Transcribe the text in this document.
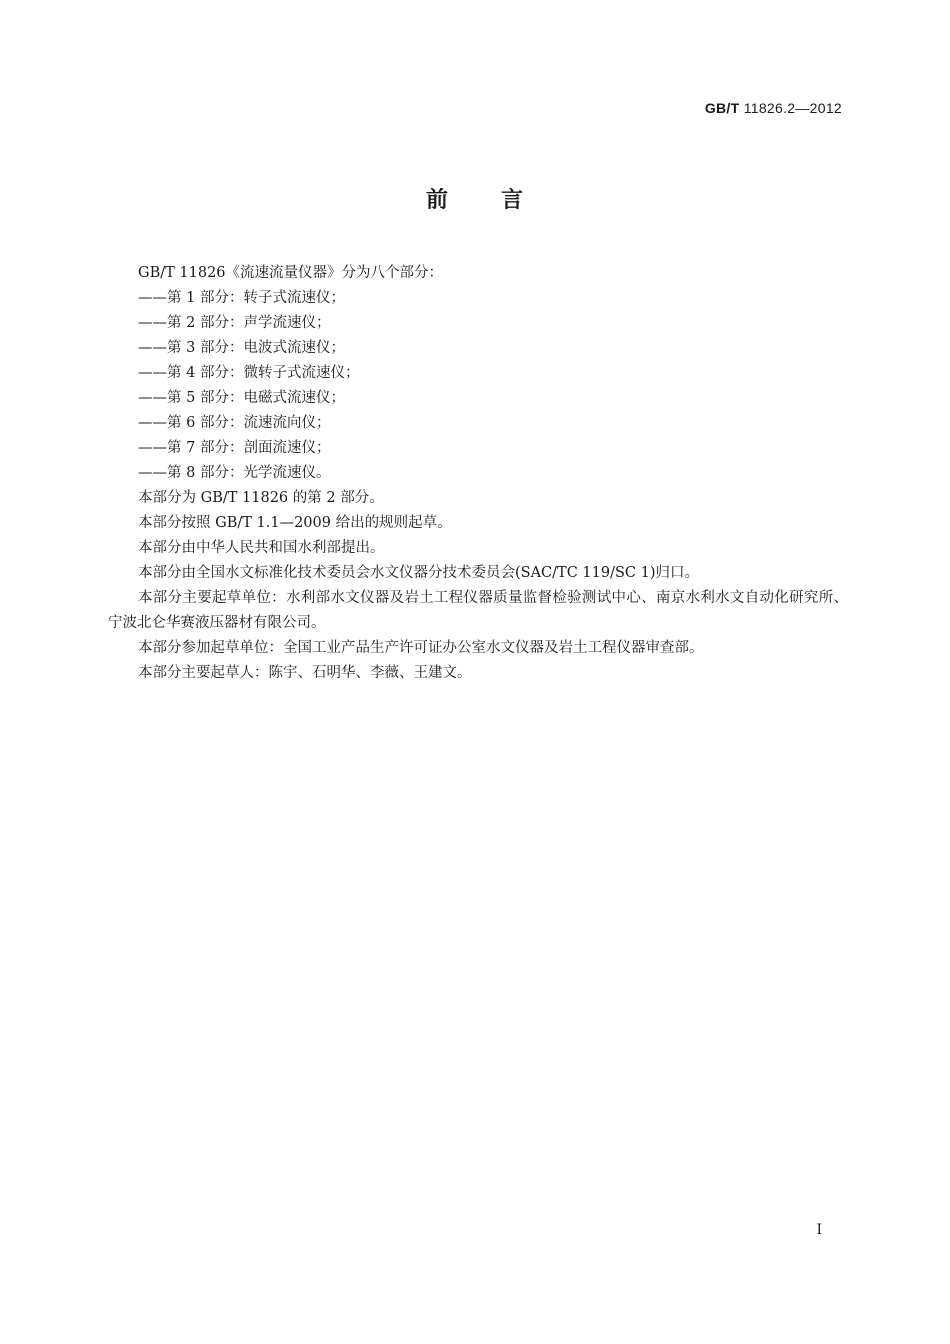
GB/T 11826.2—2012
前 言

GB/T 11826《流速流量仪器》分为八个部分：

——第 1 部分：转子式流速仪；

——第 2 部分：声学流速仪；

——第 3 部分：电波式流速仪；

——第 4 部分：微转子式流速仪；

——第 5 部分：电磁式流速仪；

——第 6 部分：流速流向仪；

——第 7 部分：剖面流速仪；

——第 8 部分：光学流速仪。

本部分为 GB/T 11826 的第 2 部分。

本部分按照 GB/T 1.1—2009 给出的规则起草。

本部分由中华人民共和国水利部提出。

本部分由全国水文标准化技术委员会水文仪器分技术委员会(SAC/TC 119/SC 1)归口。

本部分主要起草单位：水利部水文仪器及岩土工程仪器质量监督检验测试中心、南京水利水文自动化研究所、宁波北仑华赛液压器材有限公司。

本部分参加起草单位：全国工业产品生产许可证办公室水文仪器及岩土工程仪器审查部。

本部分主要起草人：陈宇、石明华、李薇、王建文。

I
